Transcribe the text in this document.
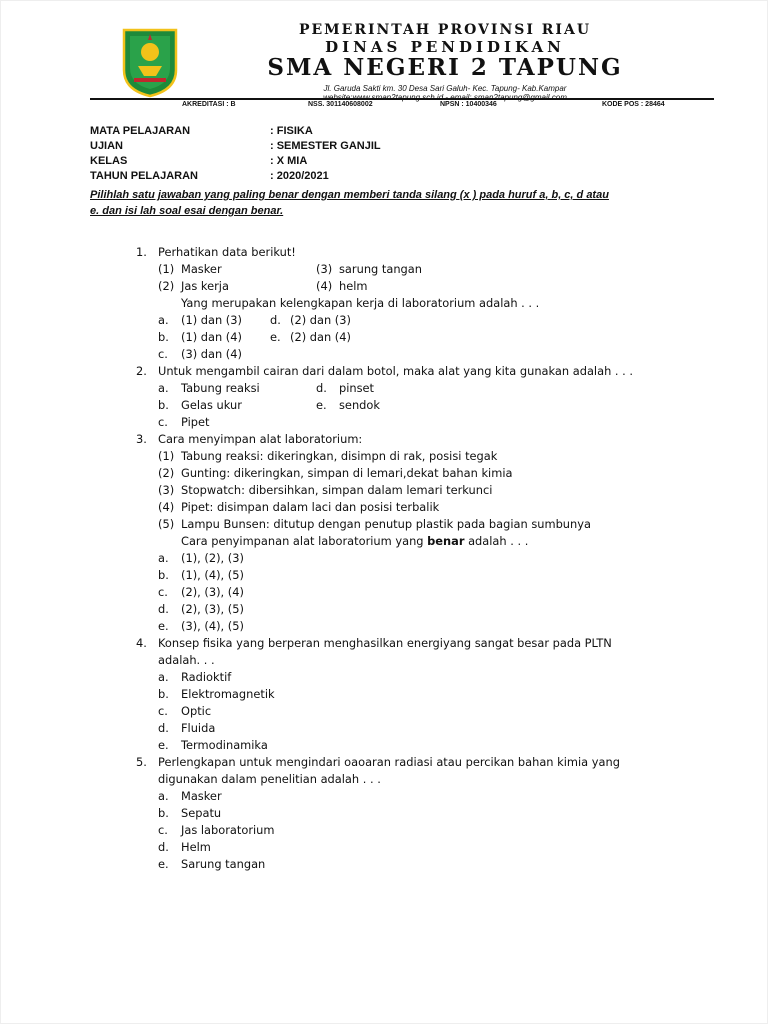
PEMERINTAH PROVINSI RIAU
DINAS PENDIDIKAN
SMA NEGERI 2 TAPUNG
Jl. Garuda Sakti km. 30 Desa Sari Galuh- Kec. Tapung- Kab.Kampar
website:www.sman2tapung.sch.id - email: sman2tapung@gmail.com
AKREDITASI : B	NSS. 301140608002	NPSN : 10400346	KODE POS : 28464
MATA PELAJARAN	: FISIKA
UJIAN	: SEMESTER GANJIL
KELAS	: X MIA
TAHUN PELAJARAN	: 2020/2021
Pilihlah satu jawaban yang paling benar dengan memberi tanda silang (x ) pada huruf a, b, c, d atau
e. dan isi lah soal esai dengan benar.
1. Perhatikan data berikut!
(1) Masker	(3) sarung tangan
(2) Jas kerja	(4) helm
Yang merupakan kelengkapan kerja di laboratorium adalah . . .
a. (1) dan (3) d. (2) dan (3)
b. (1) dan (4) e. (2) dan (4)
c. (3) dan (4)
2. Untuk mengambil cairan dari dalam botol, maka alat yang kita gunakan adalah . . .
a. Tabung reaksi	d. pinset
b. Gelas ukur	e. sendok
c. Pipet
3. Cara menyimpan alat laboratorium:
(1) Tabung reaksi: dikeringkan, disimpn di rak, posisi tegak
(2) Gunting: dikeringkan, simpan di lemari,dekat bahan kimia
(3) Stopwatch: dibersihkan, simpan dalam lemari terkunci
(4) Pipet: disimpan dalam laci dan posisi terbalik
(5) Lampu Bunsen: ditutup dengan penutup plastik pada bagian sumbunya
Cara penyimpanan alat laboratorium yang benar adalah . . .
a. (1), (2), (3)
b. (1), (4), (5)
c. (2), (3), (4)
d. (2), (3), (5)
e. (3), (4), (5)
4. Konsep fisika yang berperan menghasilkan energiyang sangat besar pada PLTN
adalah. . .
a. Radioktif
b. Elektromagnetik
c. Optic
d. Fluida
e. Termodinamika
5. Perlengkapan untuk mengindari oaoaran radiasi atau percikan bahan kimia yang
digunakan dalam penelitian adalah . . .
a. Masker
b. Sepatu
c. Jas laboratorium
d. Helm
e. Sarung tangan
